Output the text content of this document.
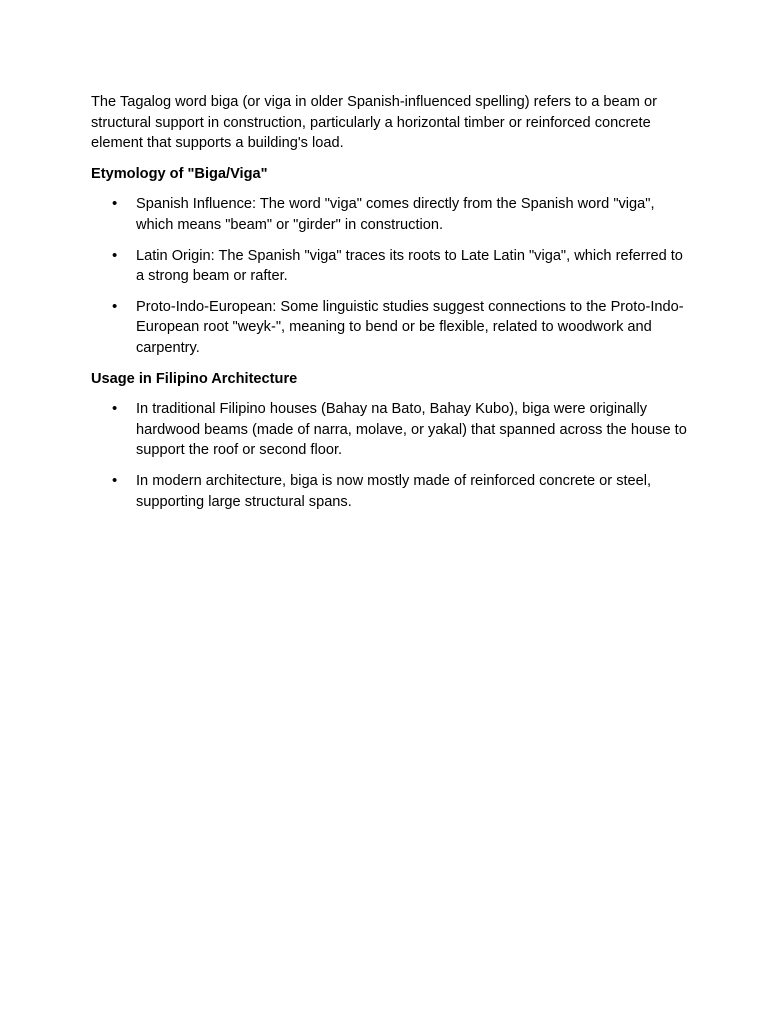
The Tagalog word biga (or viga in older Spanish-influenced spelling) refers to a beam or structural support in construction, particularly a horizontal timber or reinforced concrete element that supports a building's load.

Etymology of "Biga/Viga"
• Spanish Influence: The word "viga" comes directly from the Spanish word "viga", which means "beam" or "girder" in construction.
• Latin Origin: The Spanish "viga" traces its roots to Late Latin "viga", which referred to a strong beam or rafter.
• Proto-Indo-European: Some linguistic studies suggest connections to the Proto-Indo-European root "weyk-", meaning to bend or be flexible, related to woodwork and carpentry.
Usage in Filipino Architecture
• In traditional Filipino houses (Bahay na Bato, Bahay Kubo), biga were originally hardwood beams (made of narra, molave, or yakal) that spanned across the house to support the roof or second floor.
• In modern architecture, biga is now mostly made of reinforced concrete or steel, supporting large structural spans.
